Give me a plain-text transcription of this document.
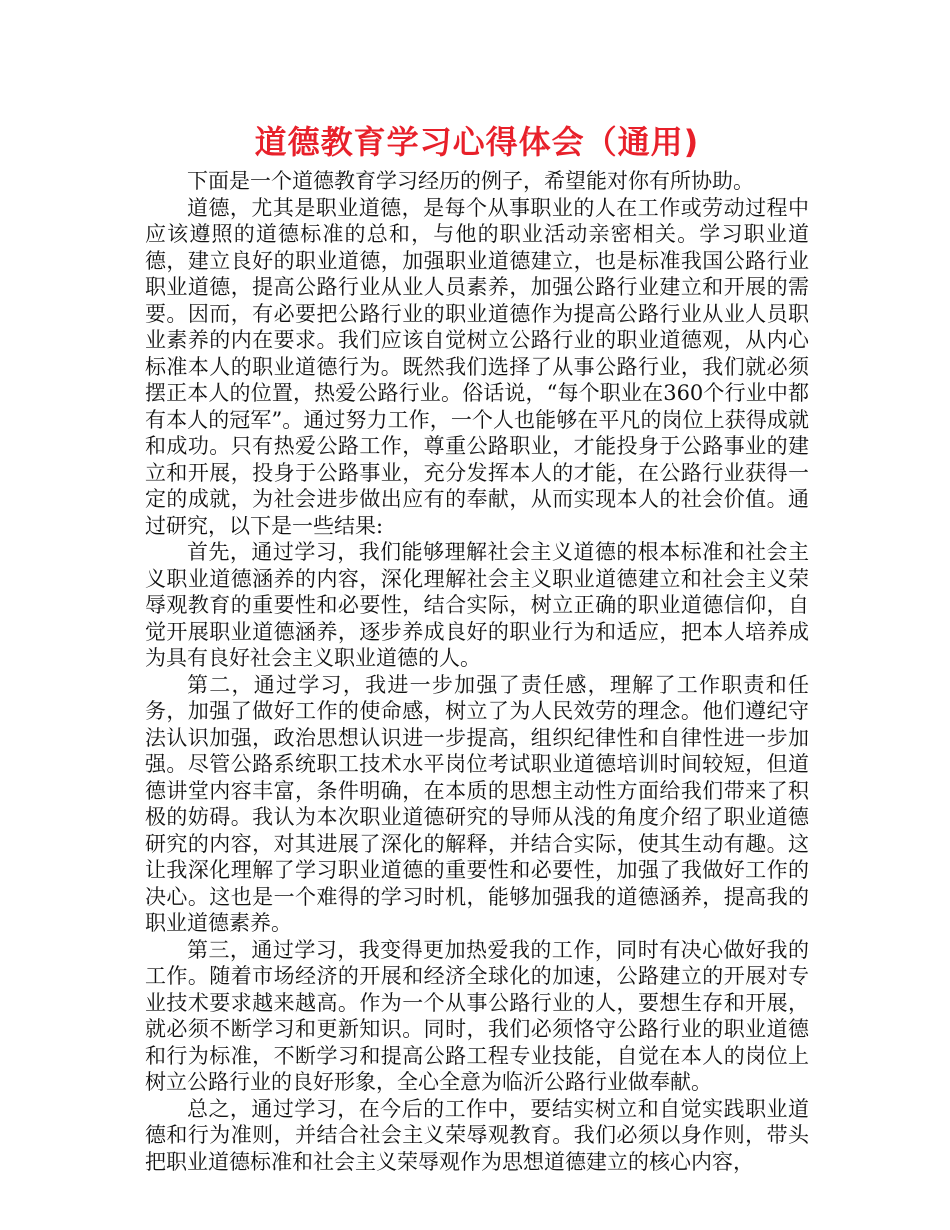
道德教育学习心得体会（通用)

下面是一个道德教育学习经历的例子，希望能对你有所协助。

道德，尤其是职业道德，是每个从事职业的人在工作或劳动过程中应该遵照的道德标准的总和，与他的职业活动亲密相关。学习职业道德，建立良好的职业道德，加强职业道德建立，也是标准我国公路行业职业道德，提高公路行业从业人员素养，加强公路行业建立和开展的需要。因而，有必要把公路行业的职业道德作为提高公路行业从业人员职业素养的内在要求。我们应该自觉树立公路行业的职业道德观，从内心标准本人的职业道德行为。既然我们选择了从事公路行业，我们就必须摆正本人的位置，热爱公路行业。俗话说，“每个职业在360个行业中都有本人的冠军”。通过努力工作，一个人也能够在平凡的岗位上获得成就和成功。只有热爱公路工作，尊重公路职业，才能投身于公路事业的建立和开展，投身于公路事业，充分发挥本人的才能，在公路行业获得一定的成就，为社会进步做出应有的奉献，从而实现本人的社会价值。通过研究，以下是一些结果:

首先，通过学习，我们能够理解社会主义道德的根本标准和社会主义职业道德涵养的内容，深化理解社会主义职业道德建立和社会主义荣辱观教育的重要性和必要性，结合实际，树立正确的职业道德信仰，自觉开展职业道德涵养，逐步养成良好的职业行为和适应，把本人培养成为具有良好社会主义职业道德的人。

第二，通过学习，我进一步加强了责任感，理解了工作职责和任务，加强了做好工作的使命感，树立了为人民效劳的理念。他们遵纪守法认识加强，政治思想认识进一步提高，组织纪律性和自律性进一步加强。尽管公路系统职工技术水平岗位考试职业道德培训时间较短，但道德讲堂内容丰富，条件明确，在本质的思想主动性方面给我们带来了积极的妨碍。我认为本次职业道德研究的导师从浅的角度介绍了职业道德研究的内容，对其进展了深化的解释，并结合实际，使其生动有趣。这让我深化理解了学习职业道德的重要性和必要性，加强了我做好工作的决心。这也是一个难得的学习时机，能够加强我的道德涵养，提高我的职业道德素养。

第三，通过学习，我变得更加热爱我的工作，同时有决心做好我的工作。随着市场经济的开展和经济全球化的加速，公路建立的开展对专业技术要求越来越高。作为一个从事公路行业的人，要想生存和开展，就必须不断学习和更新知识。同时，我们必须恪守公路行业的职业道德和行为标准，不断学习和提高公路工程专业技能，自觉在本人的岗位上树立公路行业的良好形象，全心全意为临沂公路行业做奉献。

总之，通过学习，在今后的工作中，要结实树立和自觉实践职业道德和行为准则，并结合社会主义荣辱观教育。我们必须以身作则，带头把职业道德标准和社会主义荣辱观作为思想道德建立的核心内容，
